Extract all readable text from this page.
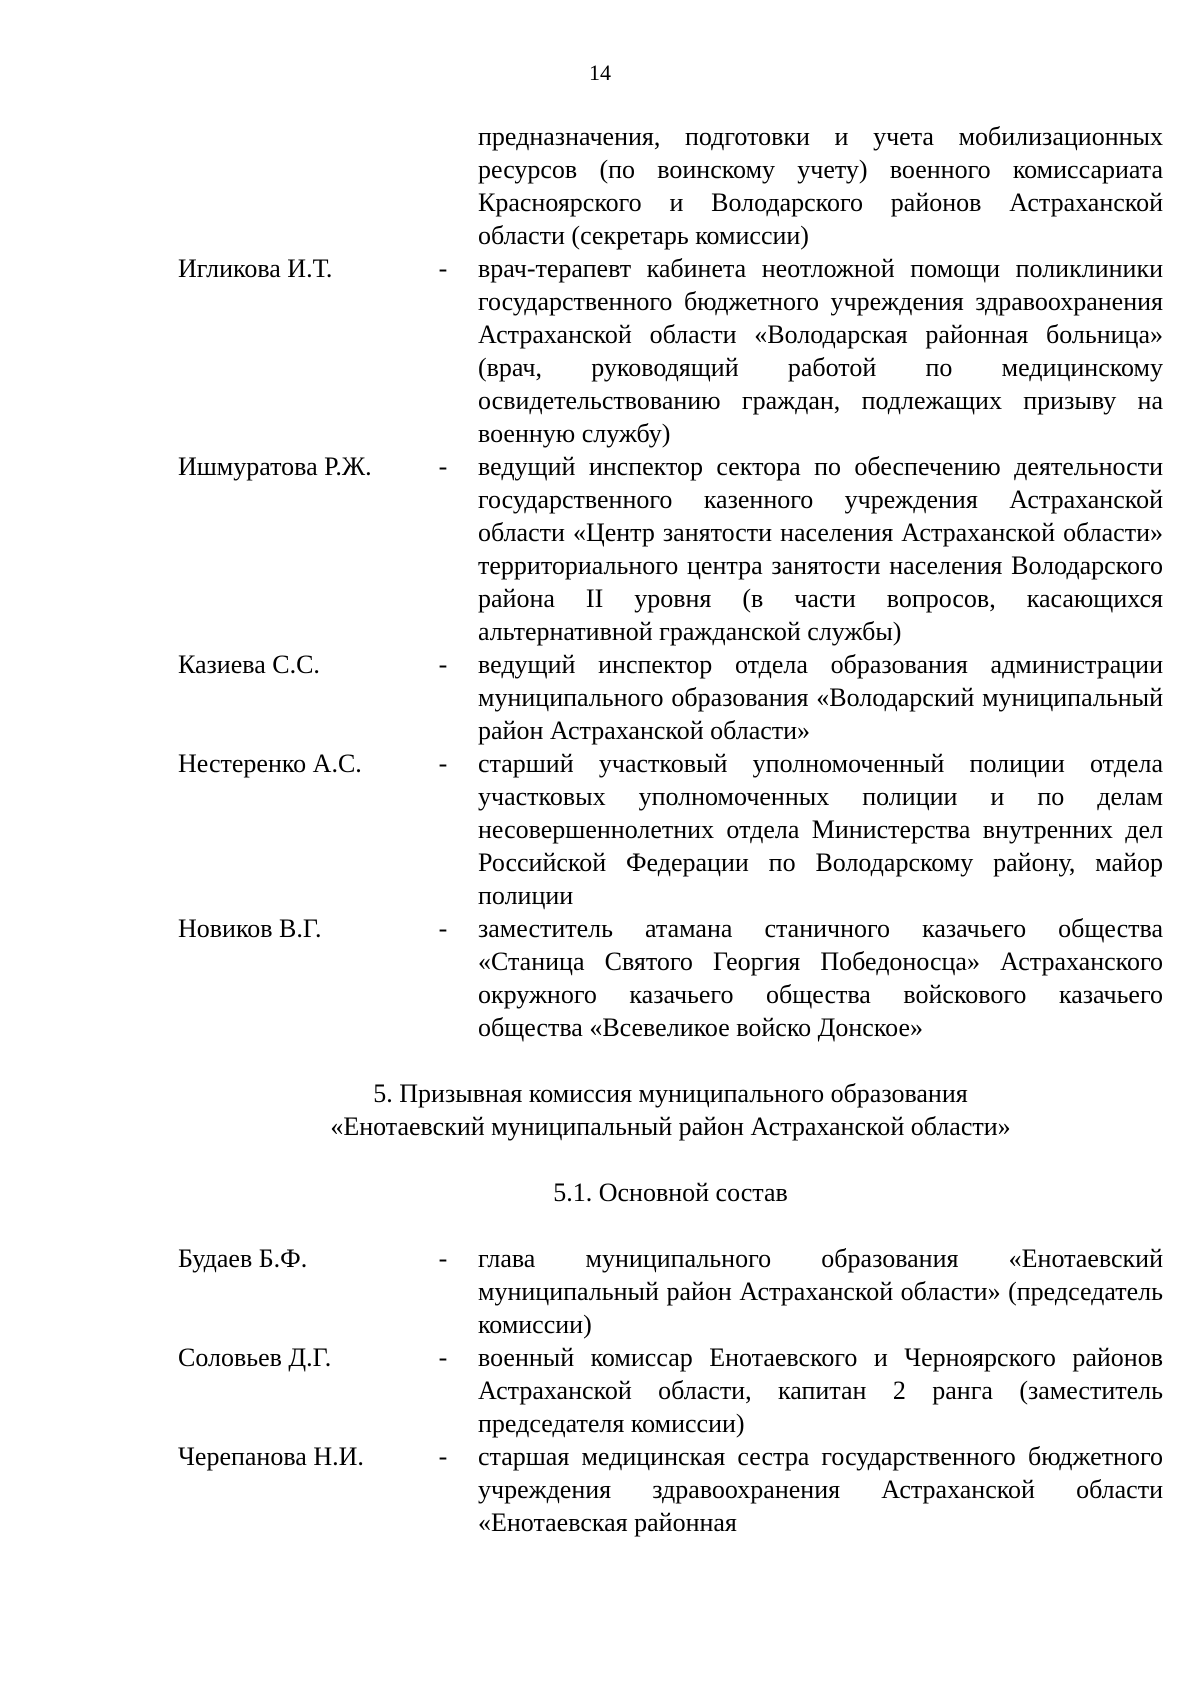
14
предназначения, подготовки и учета мобилизационных ресурсов (по воинскому учету) военного комиссариата Красноярского и Володарского районов Астраханской области (секретарь комиссии)
Игликова И.Т.	- врач-терапевт кабинета неотложной помощи поликлиники государственного бюджетного учреждения здравоохранения Астраханской области «Володарская районная больница» (врач, руководящий работой по медицинскому освидетельствованию граждан, подлежащих призыву на военную службу)
Ишмуратова Р.Ж.	- ведущий инспектор сектора по обеспечению деятельности государственного казенного учреждения Астраханской области «Центр занятости населения Астраханской области» территориального центра занятости населения Володарского района II уровня (в части вопросов, касающихся альтернативной гражданской службы)
Казиева С.С.	- ведущий инспектор отдела образования администрации муниципального образования «Володарский муниципальный район Астраханской области»
Нестеренко А.С.	- старший участковый уполномоченный полиции отдела участковых уполномоченных полиции и по делам несовершеннолетних отдела Министерства внутренних дел Российской Федерации по Володарскому району, майор полиции
Новиков В.Г.	- заместитель атамана станичного казачьего общества «Станица Святого Георгия Победоносца» Астраханского окружного казачьего общества войскового казачьего общества «Всевеликое войско Донское»
5. Призывная комиссия муниципального образования
«Енотаевский муниципальный район Астраханской области»
5.1. Основной состав
Будаев Б.Ф.	- глава муниципального образования «Енотаевский муниципальный район Астраханской области» (председатель комиссии)
Соловьев Д.Г.	- военный комиссар Енотаевского и Черноярского районов Астраханской области, капитан 2 ранга (заместитель председателя комиссии)
Черепанова Н.И.	- старшая медицинская сестра государственного бюджетного учреждения здравоохранения Астраханской области «Енотаевская районная
